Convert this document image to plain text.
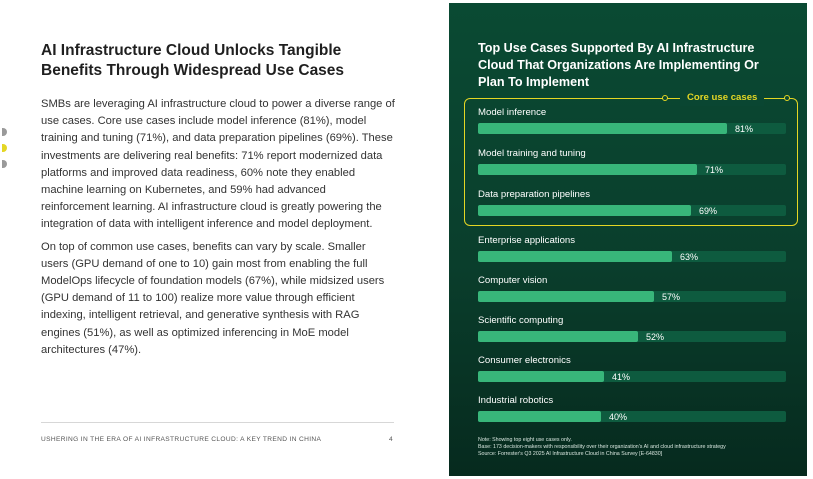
AI Infrastructure Cloud Unlocks Tangible Benefits Through Widespread Use Cases

SMBs are leveraging AI infrastructure cloud to power a diverse range of use cases. Core use cases include model inference (81%), model training and tuning (71%), and data preparation pipelines (69%). These investments are delivering real benefits: 71% report modernized data platforms and improved data readiness, 60% note they enabled machine learning on Kubernetes, and 59% had advanced reinforcement learning. AI infrastructure cloud is greatly powering the integration of data with intelligent inference and model deployment.

On top of common use cases, benefits can vary by scale. Smaller users (GPU demand of one to 10) gain most from enabling the full ModelOps lifecycle of foundation models (67%), while midsized users (GPU demand of 11 to 100) realize more value through efficient indexing, intelligent retrieval, and generative synthesis with RAG engines (51%), as well as optimized inferencing in MoE model architectures (47%).

USHERING IN THE ERA OF AI INFRASTRUCTURE CLOUD: A KEY TREND IN CHINA	4
Top Use Cases Supported By AI Infrastructure Cloud That Organizations Are Implementing Or Plan To Implement
Core use cases
Model inference
81%
Model training and tuning
71%
Data preparation pipelines
69%
Enterprise applications
63%
Computer vision
57%
Scientific computing
52%
Consumer electronics
41%
Industrial robotics
40%
Note: Showing top eight use cases only.
Base: 173 decision-makers with responsibility over their organization's AI and cloud infrastructure strategy
Source: Forrester's Q3 2025 AI Infrastructure Cloud in China Survey [E-64830]
